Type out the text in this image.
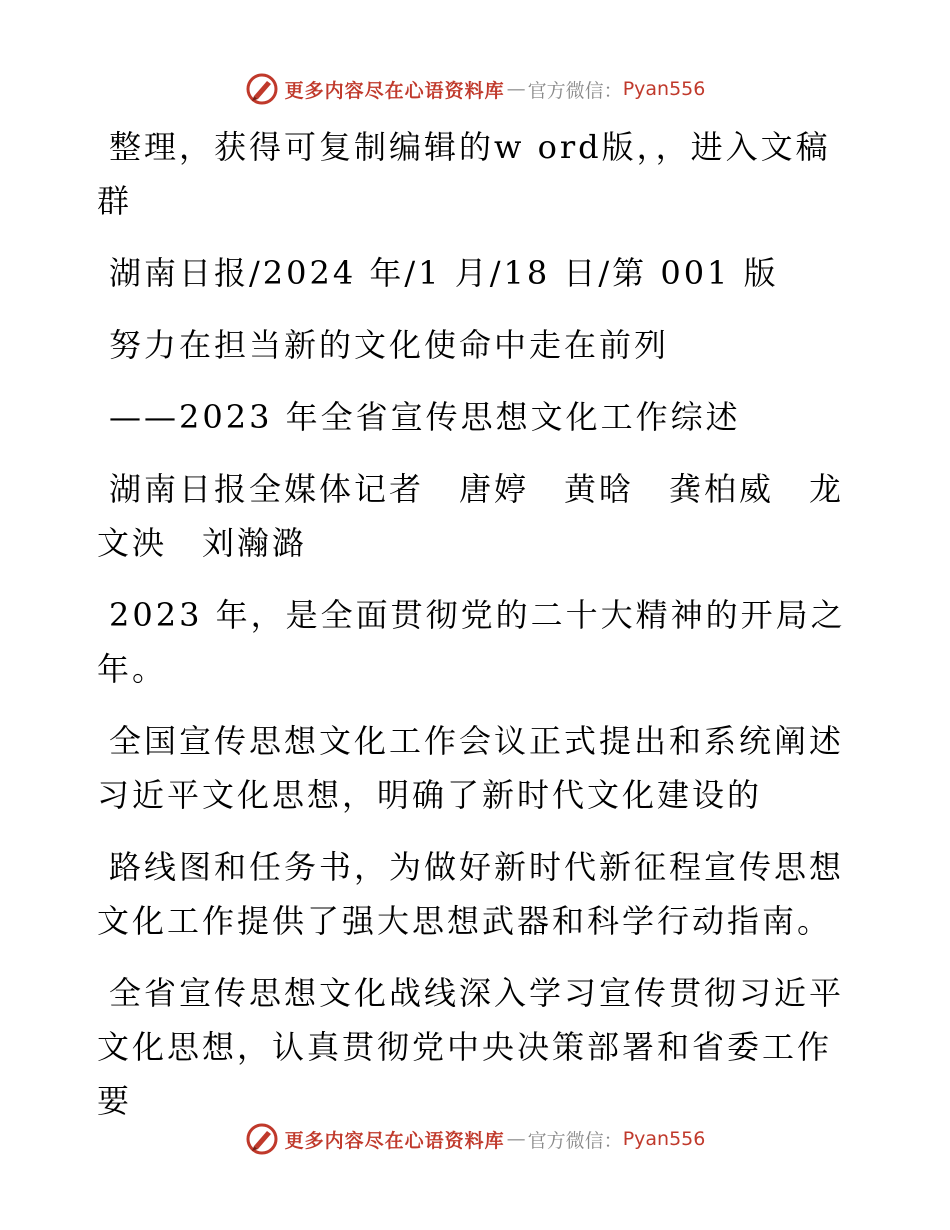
更多内容尽在心语资料库 — 官方微信： Pyan556

整理，获得可复制编辑的w ord版，，进入文稿群

湖南日报/2024 年/1 月/18 日/第 001 版

努力在担当新的文化使命中走在前列

——2023 年全省宣传思想文化工作综述

湖南日报全媒体记者　唐婷　黄晗　龚柏威　龙文泱　刘瀚潞

2023 年，是全面贯彻党的二十大精神的开局之年。

全国宣传思想文化工作会议正式提出和系统阐述习近平文化思想，明确了新时代文化建设的

路线图和任务书，为做好新时代新征程宣传思想文化工作提供了强大思想武器和科学行动指南。

全省宣传思想文化战线深入学习宣传贯彻习近平文化思想，认真贯彻党中央决策部署和省委工作要

更多内容尽在心语资料库 — 官方微信： Pyan556
